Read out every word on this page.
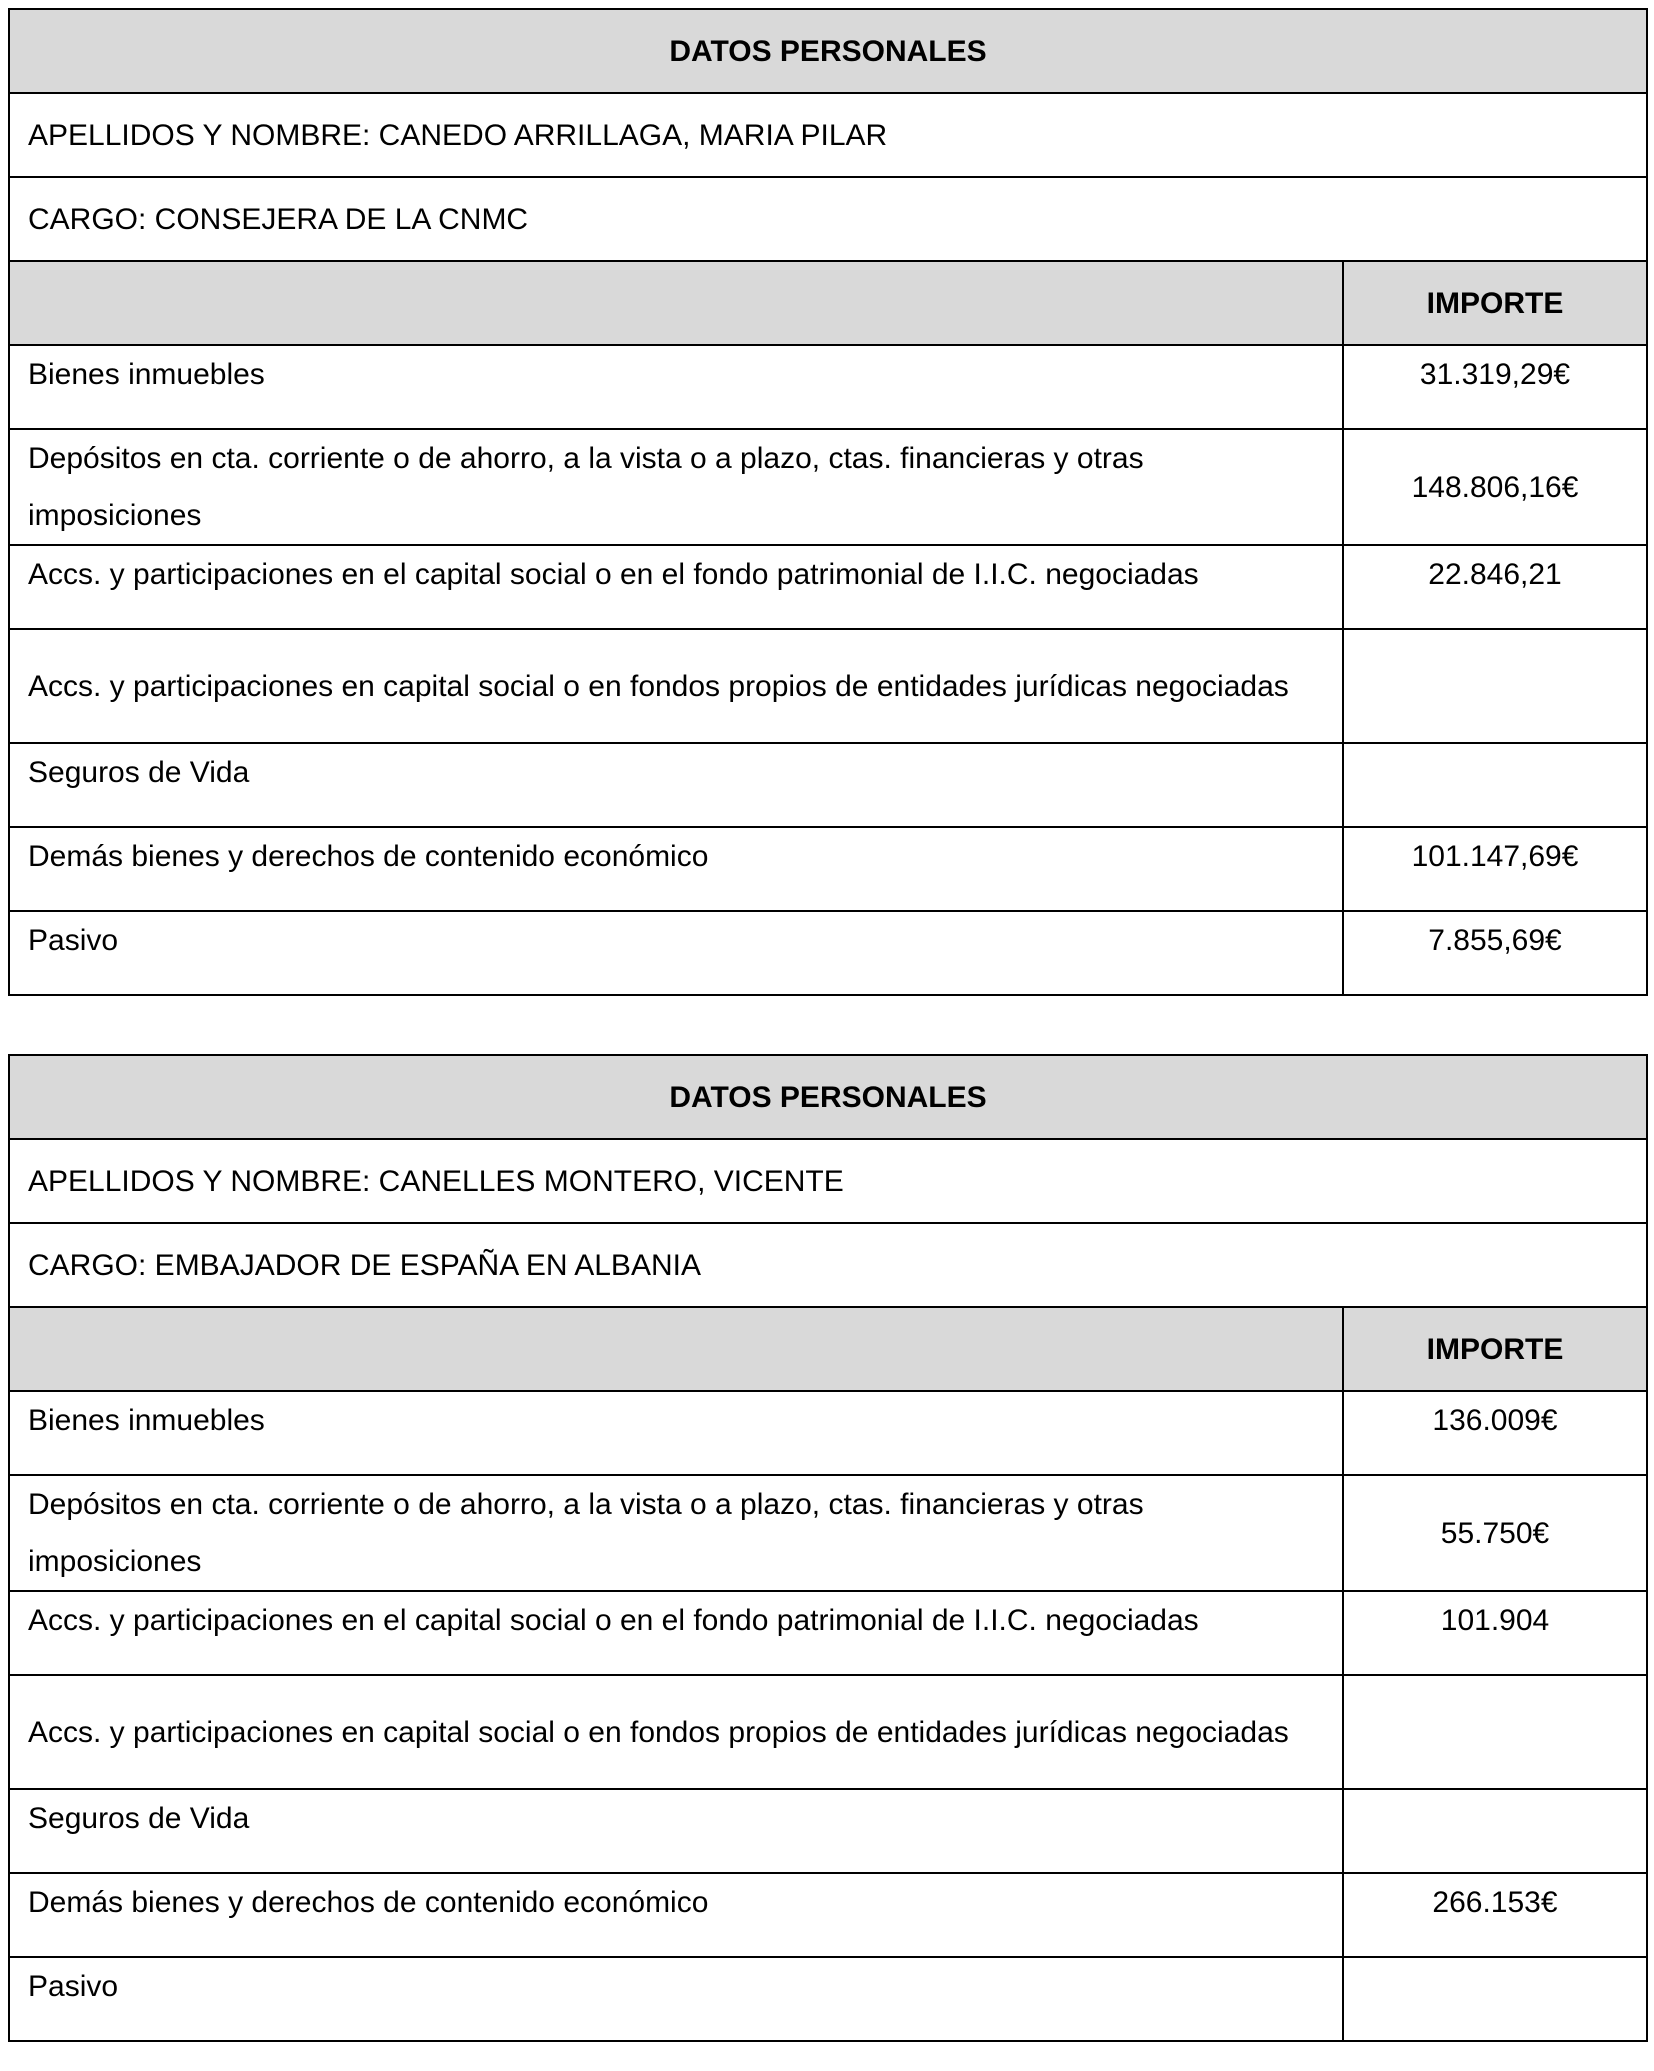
DATOS PERSONALES	
APELLIDOS Y NOMBRE: CANEDO ARRILLAGA, MARIA PILAR	
CARGO: CONSEJERA DE LA CNMC	
	IMPORTE
Bienes inmuebles	31.319,29€
Depósitos en cta. corriente o de ahorro, a la vista o a plazo, ctas. financieras y otras imposiciones	148.806,16€
Accs. y participaciones en el capital social o en el fondo patrimonial de I.I.C. negociadas	22.846,21
Accs. y participaciones en capital social o en fondos propios de entidades jurídicas negociadas	
Seguros de Vida	
Demás bienes y derechos de contenido económico	101.147,69€
Pasivo	7.855,69€
DATOS PERSONALES	
APELLIDOS Y NOMBRE: CANELLES MONTERO, VICENTE	
CARGO: EMBAJADOR DE ESPAÑA EN ALBANIA	
	IMPORTE
Bienes inmuebles	136.009€
Depósitos en cta. corriente o de ahorro, a la vista o a plazo, ctas. financieras y otras imposiciones	55.750€
Accs. y participaciones en el capital social o en el fondo patrimonial de I.I.C. negociadas	101.904
Accs. y participaciones en capital social o en fondos propios de entidades jurídicas negociadas	
Seguros de Vida	
Demás bienes y derechos de contenido económico	266.153€
Pasivo	
